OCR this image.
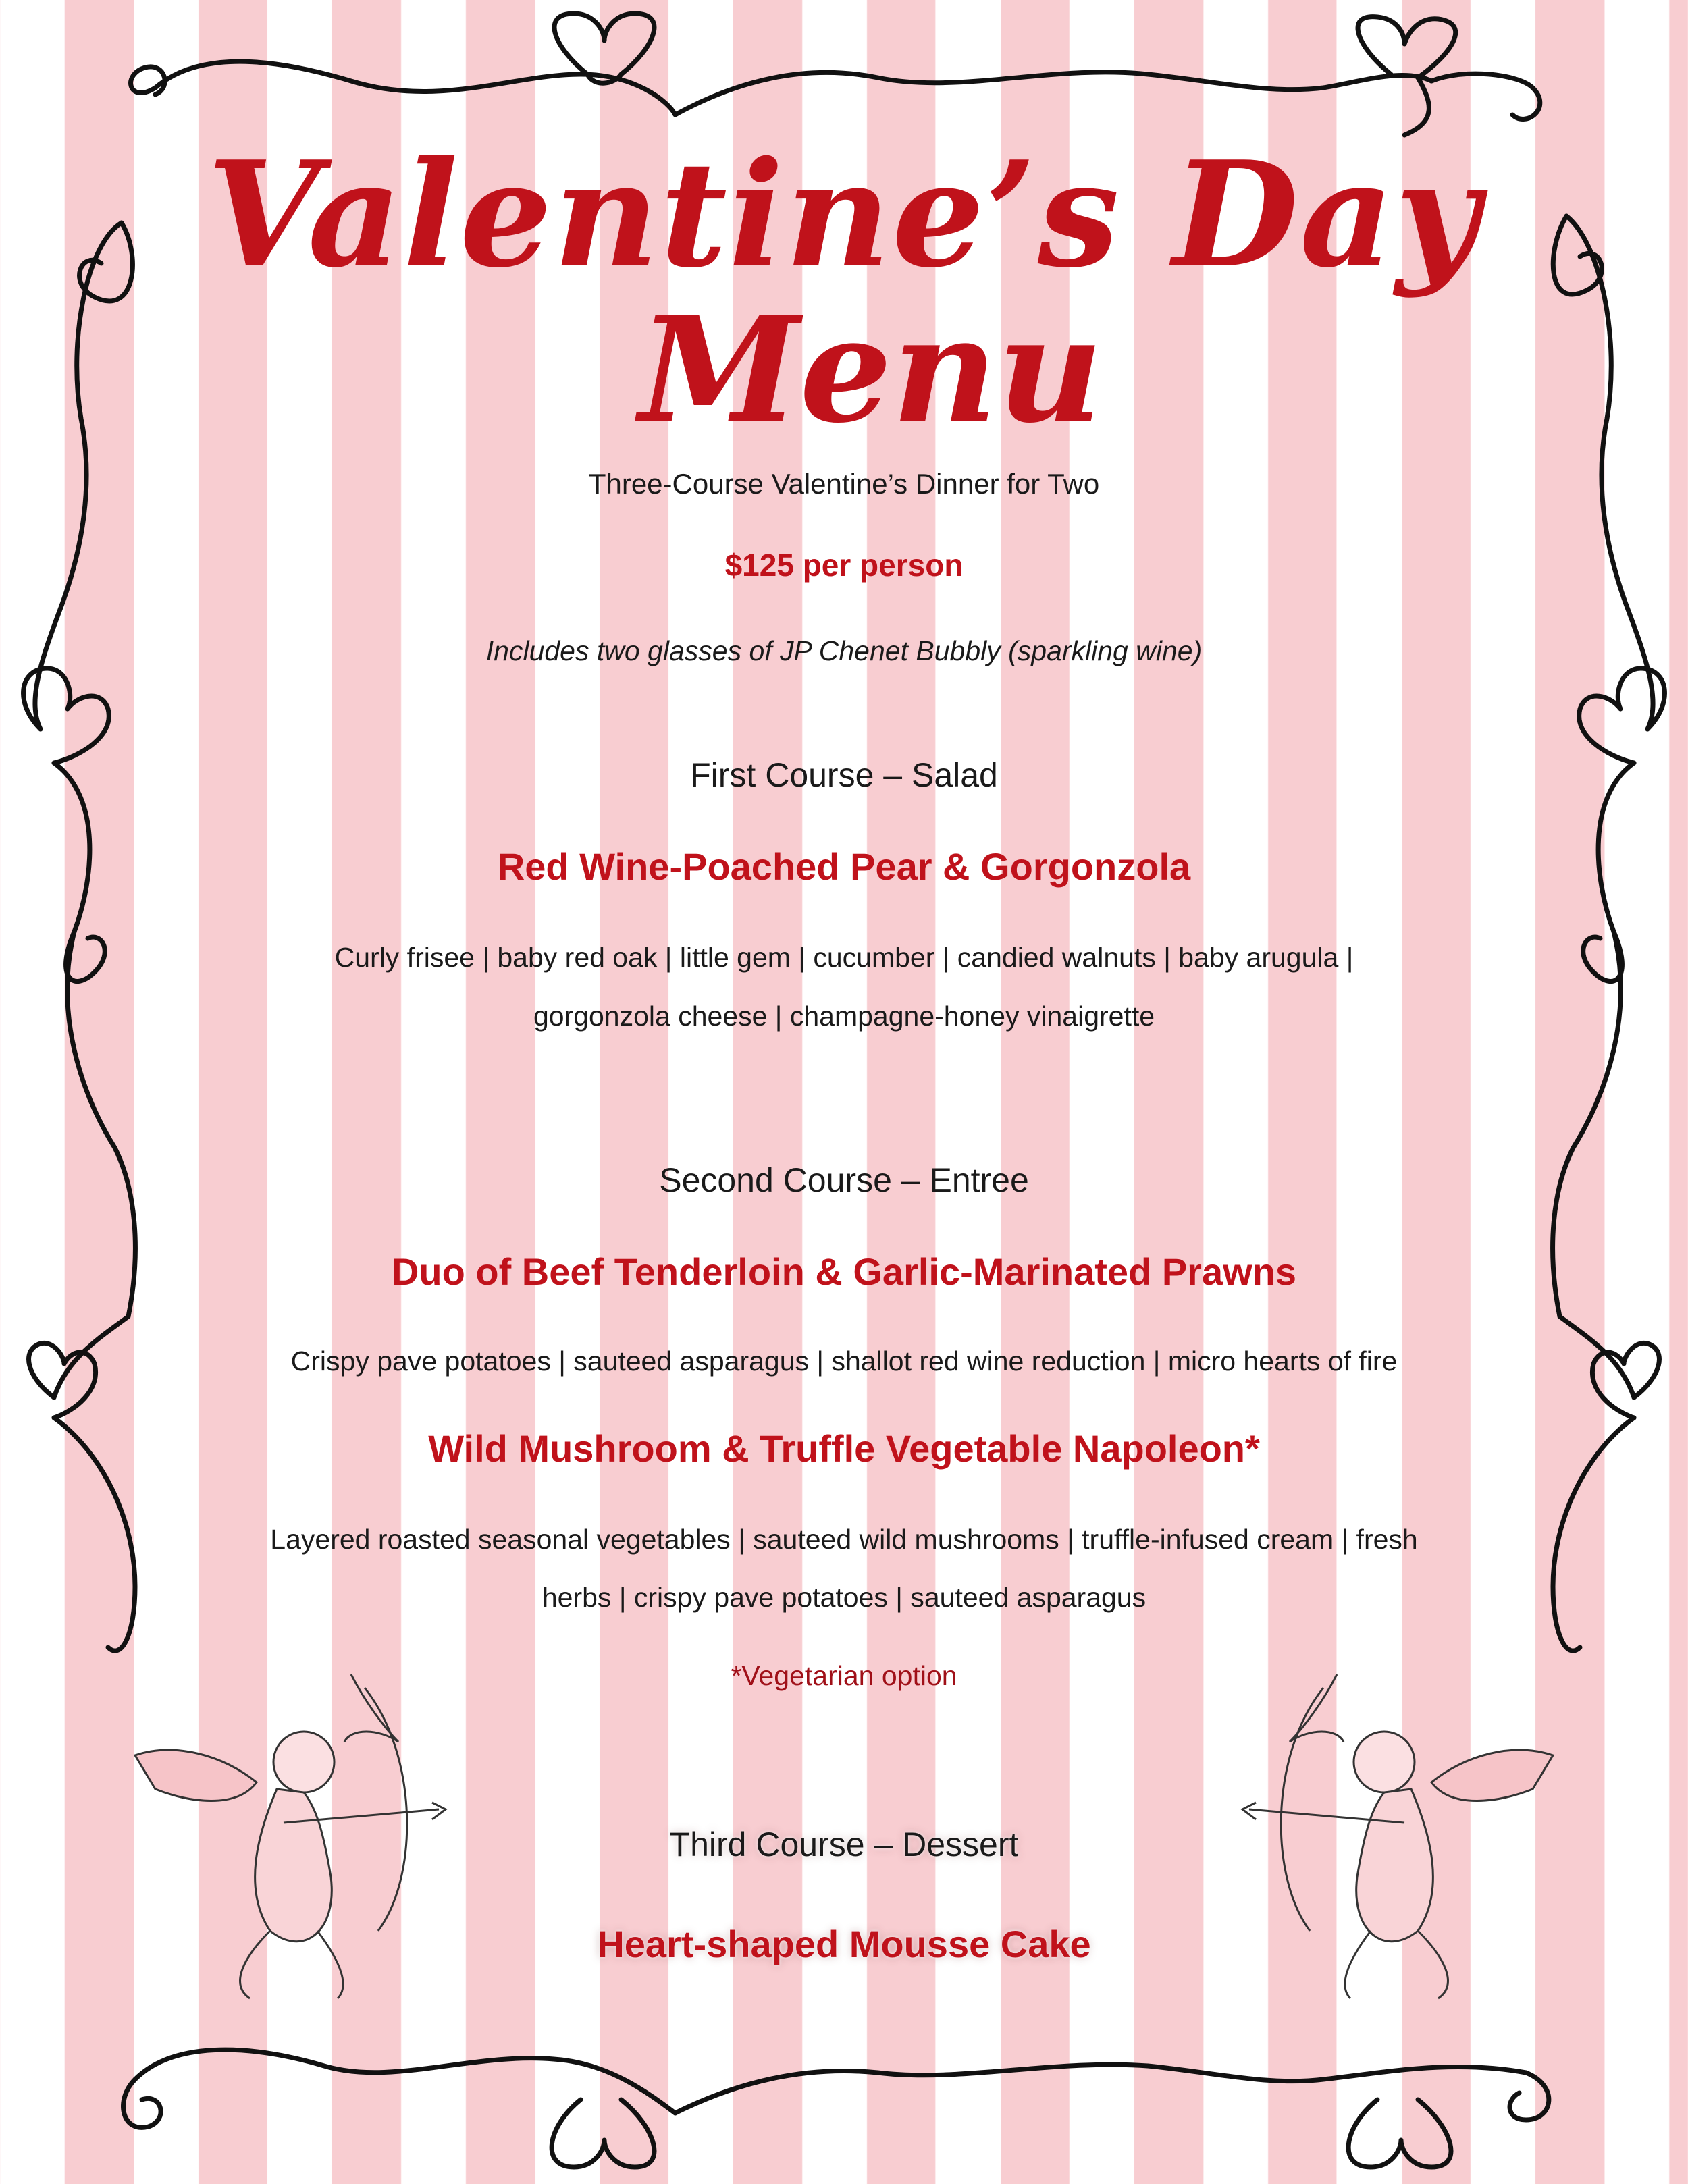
Valentine’s Day
Menu

Three-Course Valentine’s Dinner for Two

$125 per person

Includes two glasses of JP Chenet Bubbly (sparkling wine)

First Course – Salad

Red Wine-Poached Pear & Gorgonzola

Curly frisee | baby red oak | little gem | cucumber | candied walnuts | baby arugula |

gorgonzola cheese | champagne-honey vinaigrette

Second Course – Entree

Duo of Beef Tenderloin & Garlic-Marinated Prawns

Crispy pave potatoes | sauteed asparagus | shallot red wine reduction | micro hearts of fire

Wild Mushroom & Truffle Vegetable Napoleon*

Layered roasted seasonal vegetables | sauteed wild mushrooms | truffle-infused cream | fresh

herbs | crispy pave potatoes | sauteed asparagus

*Vegetarian option

Third Course – Dessert

Heart-shaped Mousse Cake
